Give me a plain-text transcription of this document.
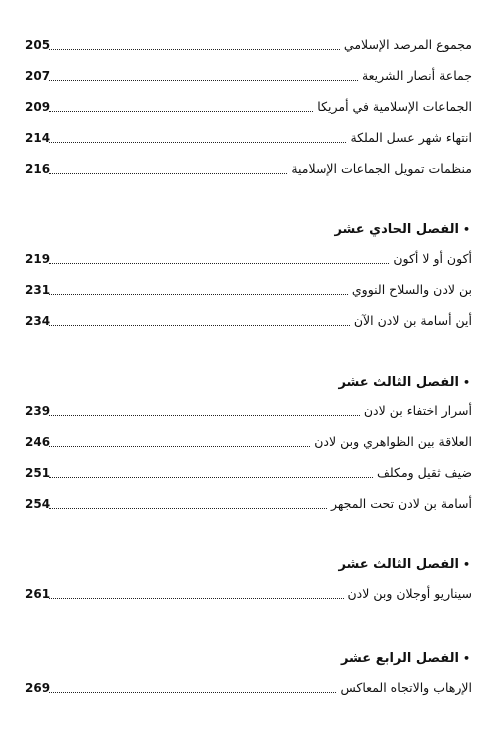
مجموع المرصد الإسلامي
205
جماعة أنصار الشريعة
207
الجماعات الإسلامية في أمريكا
209
انتهاء شهر عسل الملكة
214
منظمات تمويل الجماعات الإسلامية
216
•الفصل الحادي عشر
أكون أو لا أكون
219
بن لادن والسلاح النووي
231
أين أسامة بن لادن الآن
234
•الفصل الثالث عشر
أسرار اختفاء بن لادن
239
العلاقة بين الظواهري وبن لادن
246
ضيف ثقيل ومكلف
251
أسامة بن لادن تحت المجهر
254
•الفصل الثالث عشر
سيناريو أوجلان وبن لادن
261
•الفصل الرابع عشر
الإرهاب والاتجاه المعاكس
269
